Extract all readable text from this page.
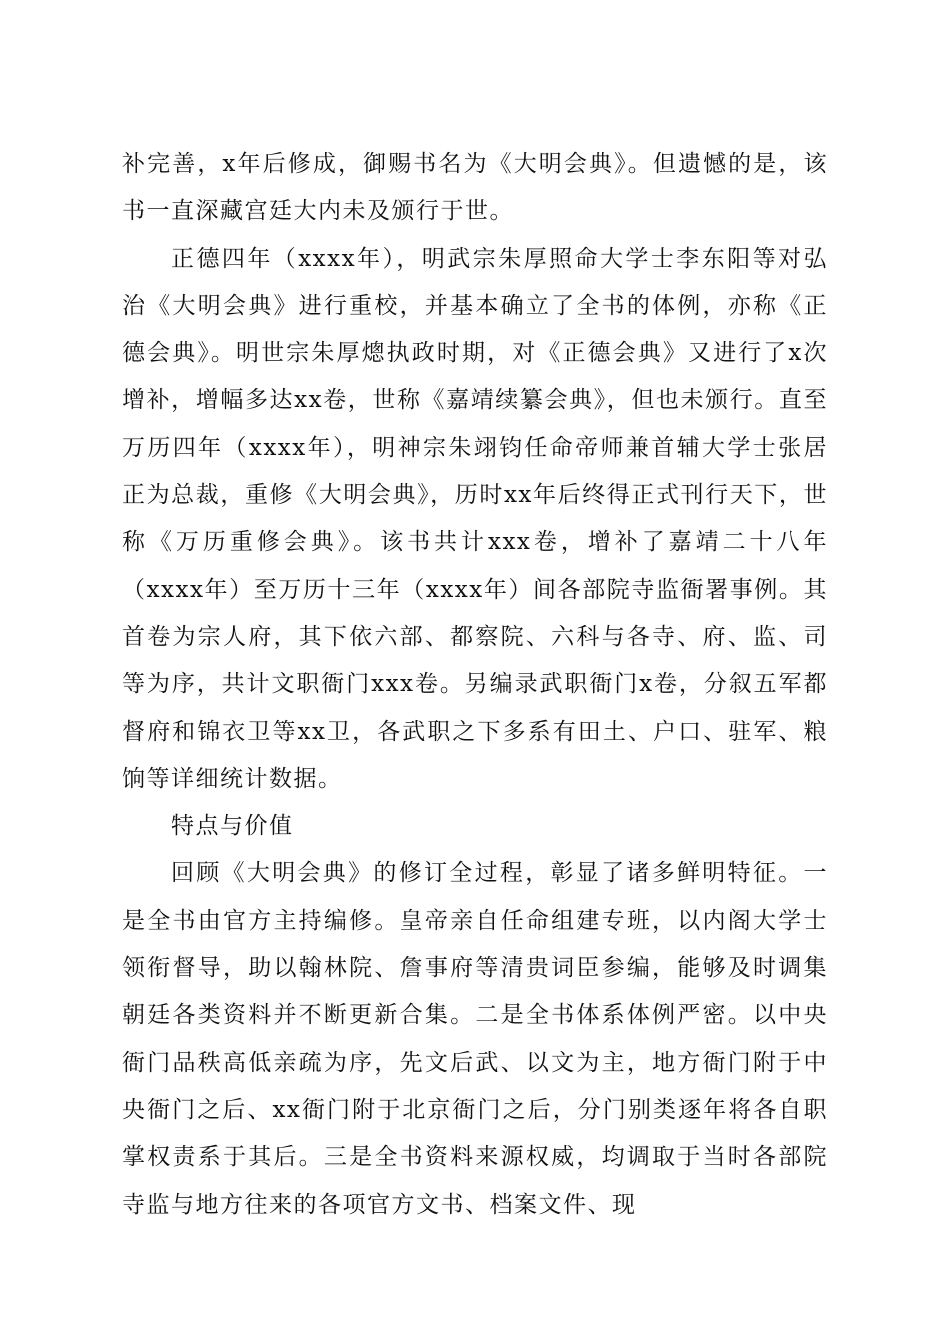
补完善，x年后修成，御赐书名为《大明会典》。但遗憾的是，该书一直深藏宫廷大内未及颁行于世。

正德四年（xxxx年），明武宗朱厚照命大学士李东阳等对弘治《大明会典》进行重校，并基本确立了全书的体例，亦称《正德会典》。明世宗朱厚熜执政时期，对《正德会典》又进行了x次增补，增幅多达xx卷，世称《嘉靖续纂会典》，但也未颁行。直至万历四年（xxxx年），明神宗朱翊钧任命帝师兼首辅大学士张居正为总裁，重修《大明会典》，历时xx年后终得正式刊行天下，世称《万历重修会典》。该书共计xxx卷，增补了嘉靖二十八年（xxxx年）至万历十三年（xxxx年）间各部院寺监衙署事例。其首卷为宗人府，其下依六部、都察院、六科与各寺、府、监、司等为序，共计文职衙门xxx卷。另编录武职衙门x卷，分叙五军都督府和锦衣卫等xx卫，各武职之下多系有田土、户口、驻军、粮饷等详细统计数据。

特点与价值

回顾《大明会典》的修订全过程，彰显了诸多鲜明特征。一是全书由官方主持编修。皇帝亲自任命组建专班，以内阁大学士领衔督导，助以翰林院、詹事府等清贵词臣参编，能够及时调集朝廷各类资料并不断更新合集。二是全书体系体例严密。以中央衙门品秩高低亲疏为序，先文后武、以文为主，地方衙门附于中央衙门之后、xx衙门附于北京衙门之后，分门别类逐年将各自职掌权责系于其后。三是全书资料来源权威，均调取于当时各部院寺监与地方往来的各项官方文书、档案文件、现
